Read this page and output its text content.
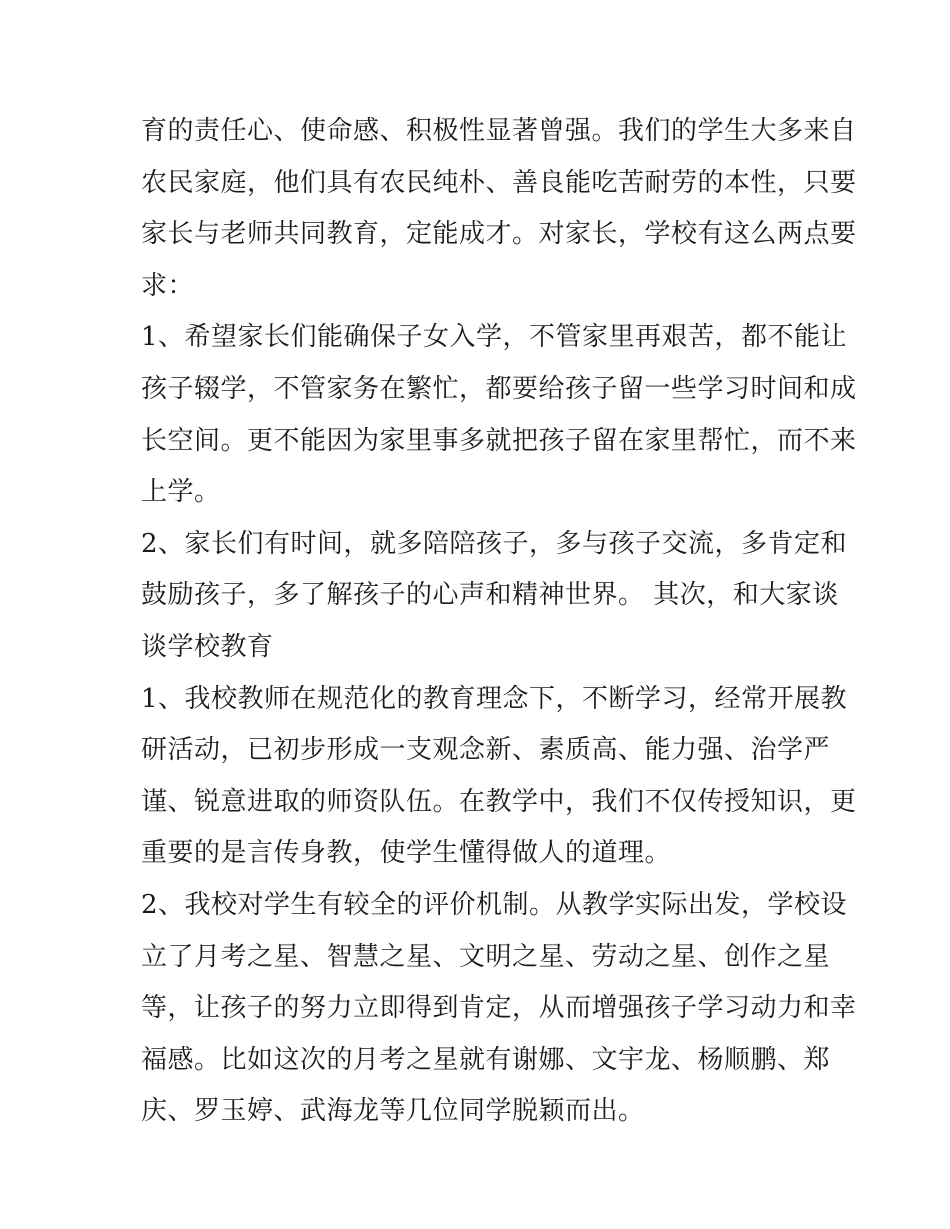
育的责任心、使命感、积极性显著曾强。我们的学生大多来自
农民家庭，他们具有农民纯朴、善良能吃苦耐劳的本性，只要
家长与老师共同教育，定能成才。对家长，学校有这么两点要
求：
1、希望家长们能确保子女入学，不管家里再艰苦，都不能让
孩子辍学，不管家务在繁忙，都要给孩子留一些学习时间和成
长空间。更不能因为家里事多就把孩子留在家里帮忙，而不来
上学。
2、家长们有时间，就多陪陪孩子，多与孩子交流，多肯定和
鼓励孩子，多了解孩子的心声和精神世界。 其次，和大家谈
谈学校教育
1、我校教师在规范化的教育理念下，不断学习，经常开展教
研活动，已初步形成一支观念新、素质高、能力强、治学严
谨、锐意进取的师资队伍。在教学中，我们不仅传授知识，更
重要的是言传身教，使学生懂得做人的道理。
2、我校对学生有较全的评价机制。从教学实际出发，学校设
立了月考之星、智慧之星、文明之星、劳动之星、创作之星
等，让孩子的努力立即得到肯定，从而增强孩子学习动力和幸
福感。比如这次的月考之星就有谢娜、文宇龙、杨顺鹏、郑
庆、罗玉婷、武海龙等几位同学脱颖而出。
